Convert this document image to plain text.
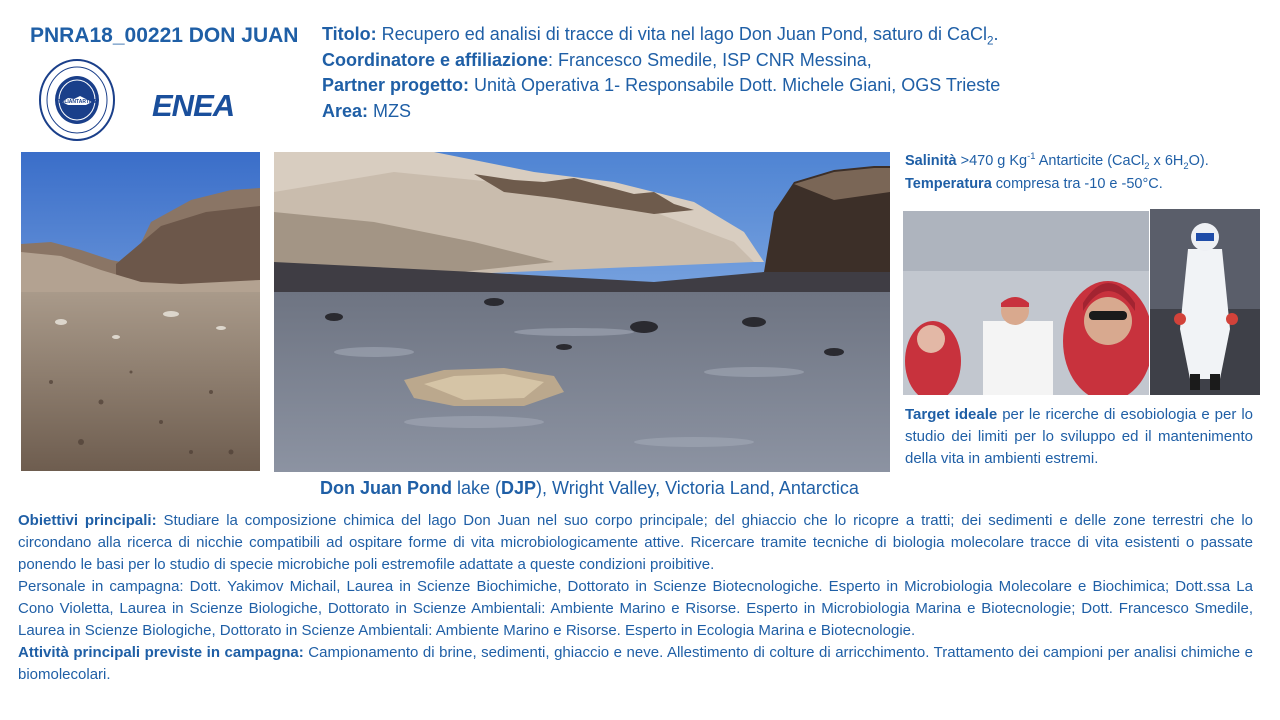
PNRA18_00221 DON JUAN
ITALIANTARTIDE ENEA
Titolo: Recupero ed analisi di tracce di vita nel lago Don Juan Pond, saturo di CaCl$_2$.
Coordinatore e affiliazione: Francesco Smedile, ISP CNR Messina,
Partner progetto: Unità Operativa 1- Responsabile Dott. Michele Giani, OGS Trieste
Area: MZS
Salinità >470 g $Kg^{-1}$ Antarticite (CaCl$_2$ x $6H_2O$).
Temperatura compresa tra -10 e -50°C.
Target ideale per le ricerche di esobiologia e per lo studio dei limiti per lo sviluppo ed il mantenimento della vita in ambienti estremi.
Don Juan Pond lake (DJP), Wright Valley, Victoria Land, Antarctica

Obiettivi principali: Studiare la composizione chimica del lago Don Juan nel suo corpo principale; del ghiaccio che lo ricopre a tratti; dei sedimenti e delle zone terrestri che lo circondano alla ricerca di nicchie compatibili ad ospitare forme di vita microbiologicamente attive. Ricercare tramite tecniche di biologia molecolare tracce di vita esistenti o passate ponendo le basi per lo studio di specie microbiche poli estremofile adattate a queste condizioni proibitive.

Personale in campagna: Dott. Yakimov Michail, Laurea in Scienze Biochimiche, Dottorato in Scienze Biotecnologiche. Esperto in Microbiologia Molecolare e Biochimica; Dott.ssa La Cono Violetta, Laurea in Scienze Biologiche, Dottorato in Scienze Ambientali: Ambiente Marino e Risorse. Esperto in Microbiologia Marina e Biotecnologie; Dott. Francesco Smedile, Laurea in Scienze Biologiche, Dottorato in Scienze Ambientali: Ambiente Marino e Risorse. Esperto in Ecologia Marina e Biotecnologie.

Attività principali previste in campagna: Campionamento di brine, sedimenti, ghiaccio e neve. Allestimento di colture di arricchimento. Trattamento dei campioni per analisi chimiche e biomolecolari.
